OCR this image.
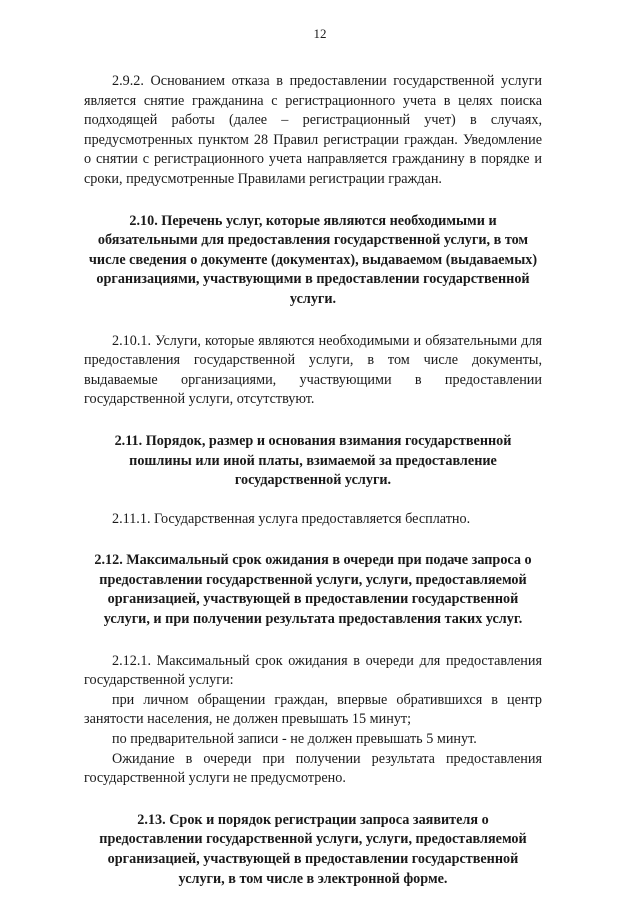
12

2.9.2. Основанием отказа в предоставлении государственной услуги является снятие гражданина с регистрационного учета в целях поиска подходящей работы (далее – регистрационный учет) в случаях, предусмотренных пунктом 28 Правил регистрации граждан. Уведомление о снятии с регистрационного учета направляется гражданину в порядке и сроки, предусмотренные Правилами регистрации граждан.

2.10. Перечень услуг, которые являются необходимыми и обязательными для предоставления государственной услуги, в том числе сведения о документе (документах), выдаваемом (выдаваемых) организациями, участвующими в предоставлении государственной услуги.

2.10.1. Услуги, которые являются необходимыми и обязательными для предоставления государственной услуги, в том числе документы, выдаваемые организациями, участвующими в предоставлении государственной услуги, отсутствуют.

2.11. Порядок, размер и основания взимания государственной пошлины или иной платы, взимаемой за предоставление государственной услуги.

2.11.1. Государственная услуга предоставляется бесплатно.

2.12. Максимальный срок ожидания в очереди при подаче запроса о предоставлении государственной услуги, услуги, предоставляемой организацией, участвующей в предоставлении государственной услуги, и при получении результата предоставления таких услуг.

2.12.1. Максимальный срок ожидания в очереди для предоставления государственной услуги:

при личном обращении граждан, впервые обратившихся в центр занятости населения, не должен превышать 15 минут;

по предварительной записи - не должен превышать 5 минут.

Ожидание в очереди при получении результата предоставления государственной услуги не предусмотрено.

2.13. Срок и порядок регистрации запроса заявителя о предоставлении государственной услуги, услуги, предоставляемой организацией, участвующей в предоставлении государственной услуги, в том числе в электронной форме.
